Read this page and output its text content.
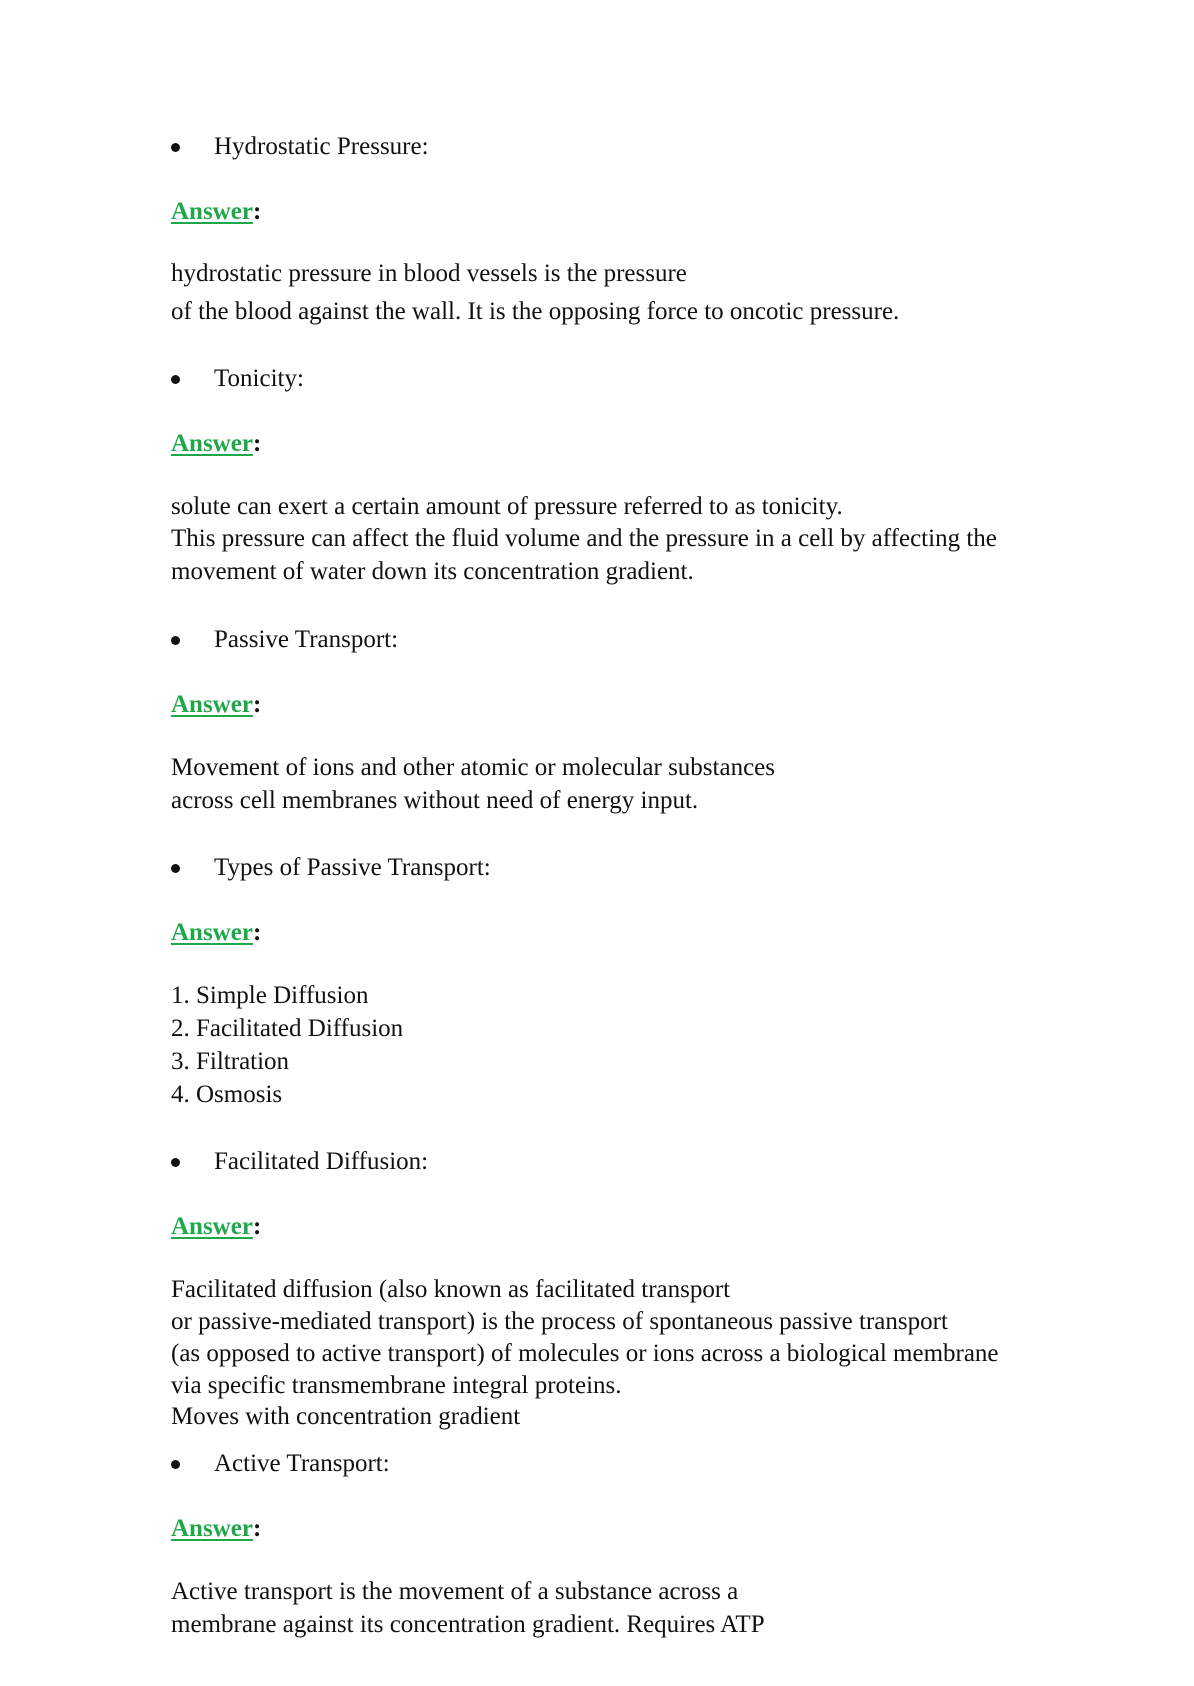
Hydrostatic Pressure:
Answer:
hydrostatic pressure in blood vessels is the pressure
of the blood against the wall. It is the opposing force to oncotic pressure.
Tonicity:
Answer:
solute can exert a certain amount of pressure referred to as tonicity.
This pressure can affect the fluid volume and the pressure in a cell by affecting the
movement of water down its concentration gradient.
Passive Transport:
Answer:
Movement of ions and other atomic or molecular substances
across cell membranes without need of energy input.
Types of Passive Transport:
Answer:
1. Simple Diffusion
2. Facilitated Diffusion
3. Filtration
4. Osmosis
Facilitated Diffusion:
Answer:
Facilitated diffusion (also known as facilitated transport
or passive-mediated transport) is the process of spontaneous passive transport
(as opposed to active transport) of molecules or ions across a biological membrane
via specific transmembrane integral proteins.
Moves with concentration gradient
Active Transport:
Answer:
Active transport is the movement of a substance across a
membrane against its concentration gradient. Requires ATP
